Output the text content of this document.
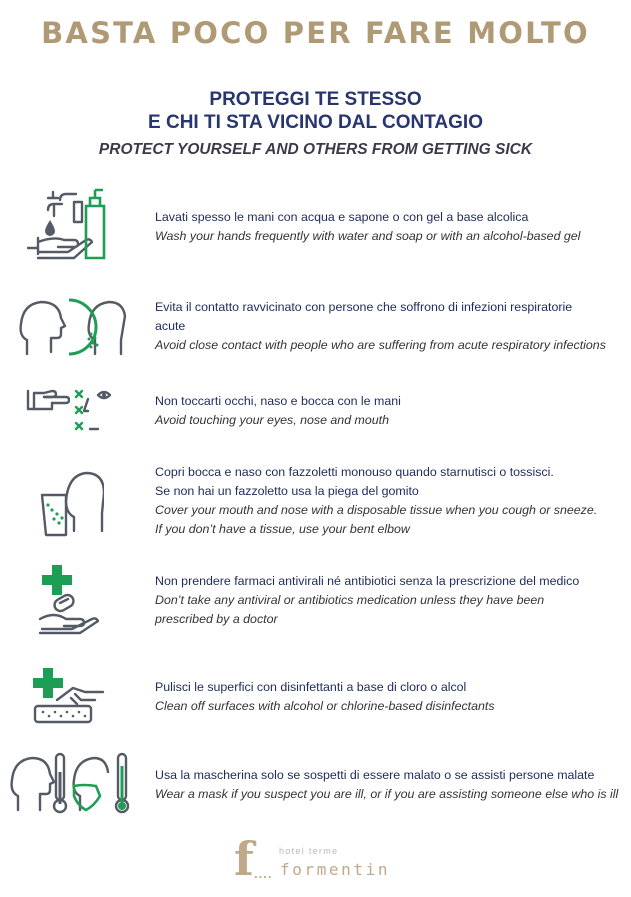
BASTA POCO PER FARE MOLTO
PROTEGGI TE STESSO
E CHI TI STA VICINO DAL CONTAGIO
PROTECT YOURSELF AND OTHERS FROM GETTING SICK
Lavati spesso le mani con acqua e sapone o con gel a base alcolica
Wash your hands frequently with water and soap or with an alcohol-based gel
Evita il contatto ravvicinato con persone che soffrono di infezioni respiratorie
acute
Avoid close contact with people who are suffering from acute respiratory infections
Non toccarti occhi, naso e bocca con le mani
Avoid touching your eyes, nose and mouth
Copri bocca e naso con fazzoletti monouso quando starnutisci o tossisci.
Se non hai un fazzoletto usa la piega del gomito
Cover your mouth and nose with a disposable tissue when you cough or sneeze.
If you don’t have a tissue, use your bent elbow
Non prendere farmaci antivirali né antibiotici senza la prescrizione del medico
Don’t take any antiviral or antibiotics medication unless they have been
prescribed by a doctor
Pulisci le superfici con disinfettanti a base di cloro o alcol
Clean off surfaces with alcohol or chlorine-based disinfectants
Usa la mascherina solo se sospetti di essere malato o se assisti persone malate
Wear a mask if you suspect you are ill, or if you are assisting someone else who is ill
f ....
hotel terme
formentin
